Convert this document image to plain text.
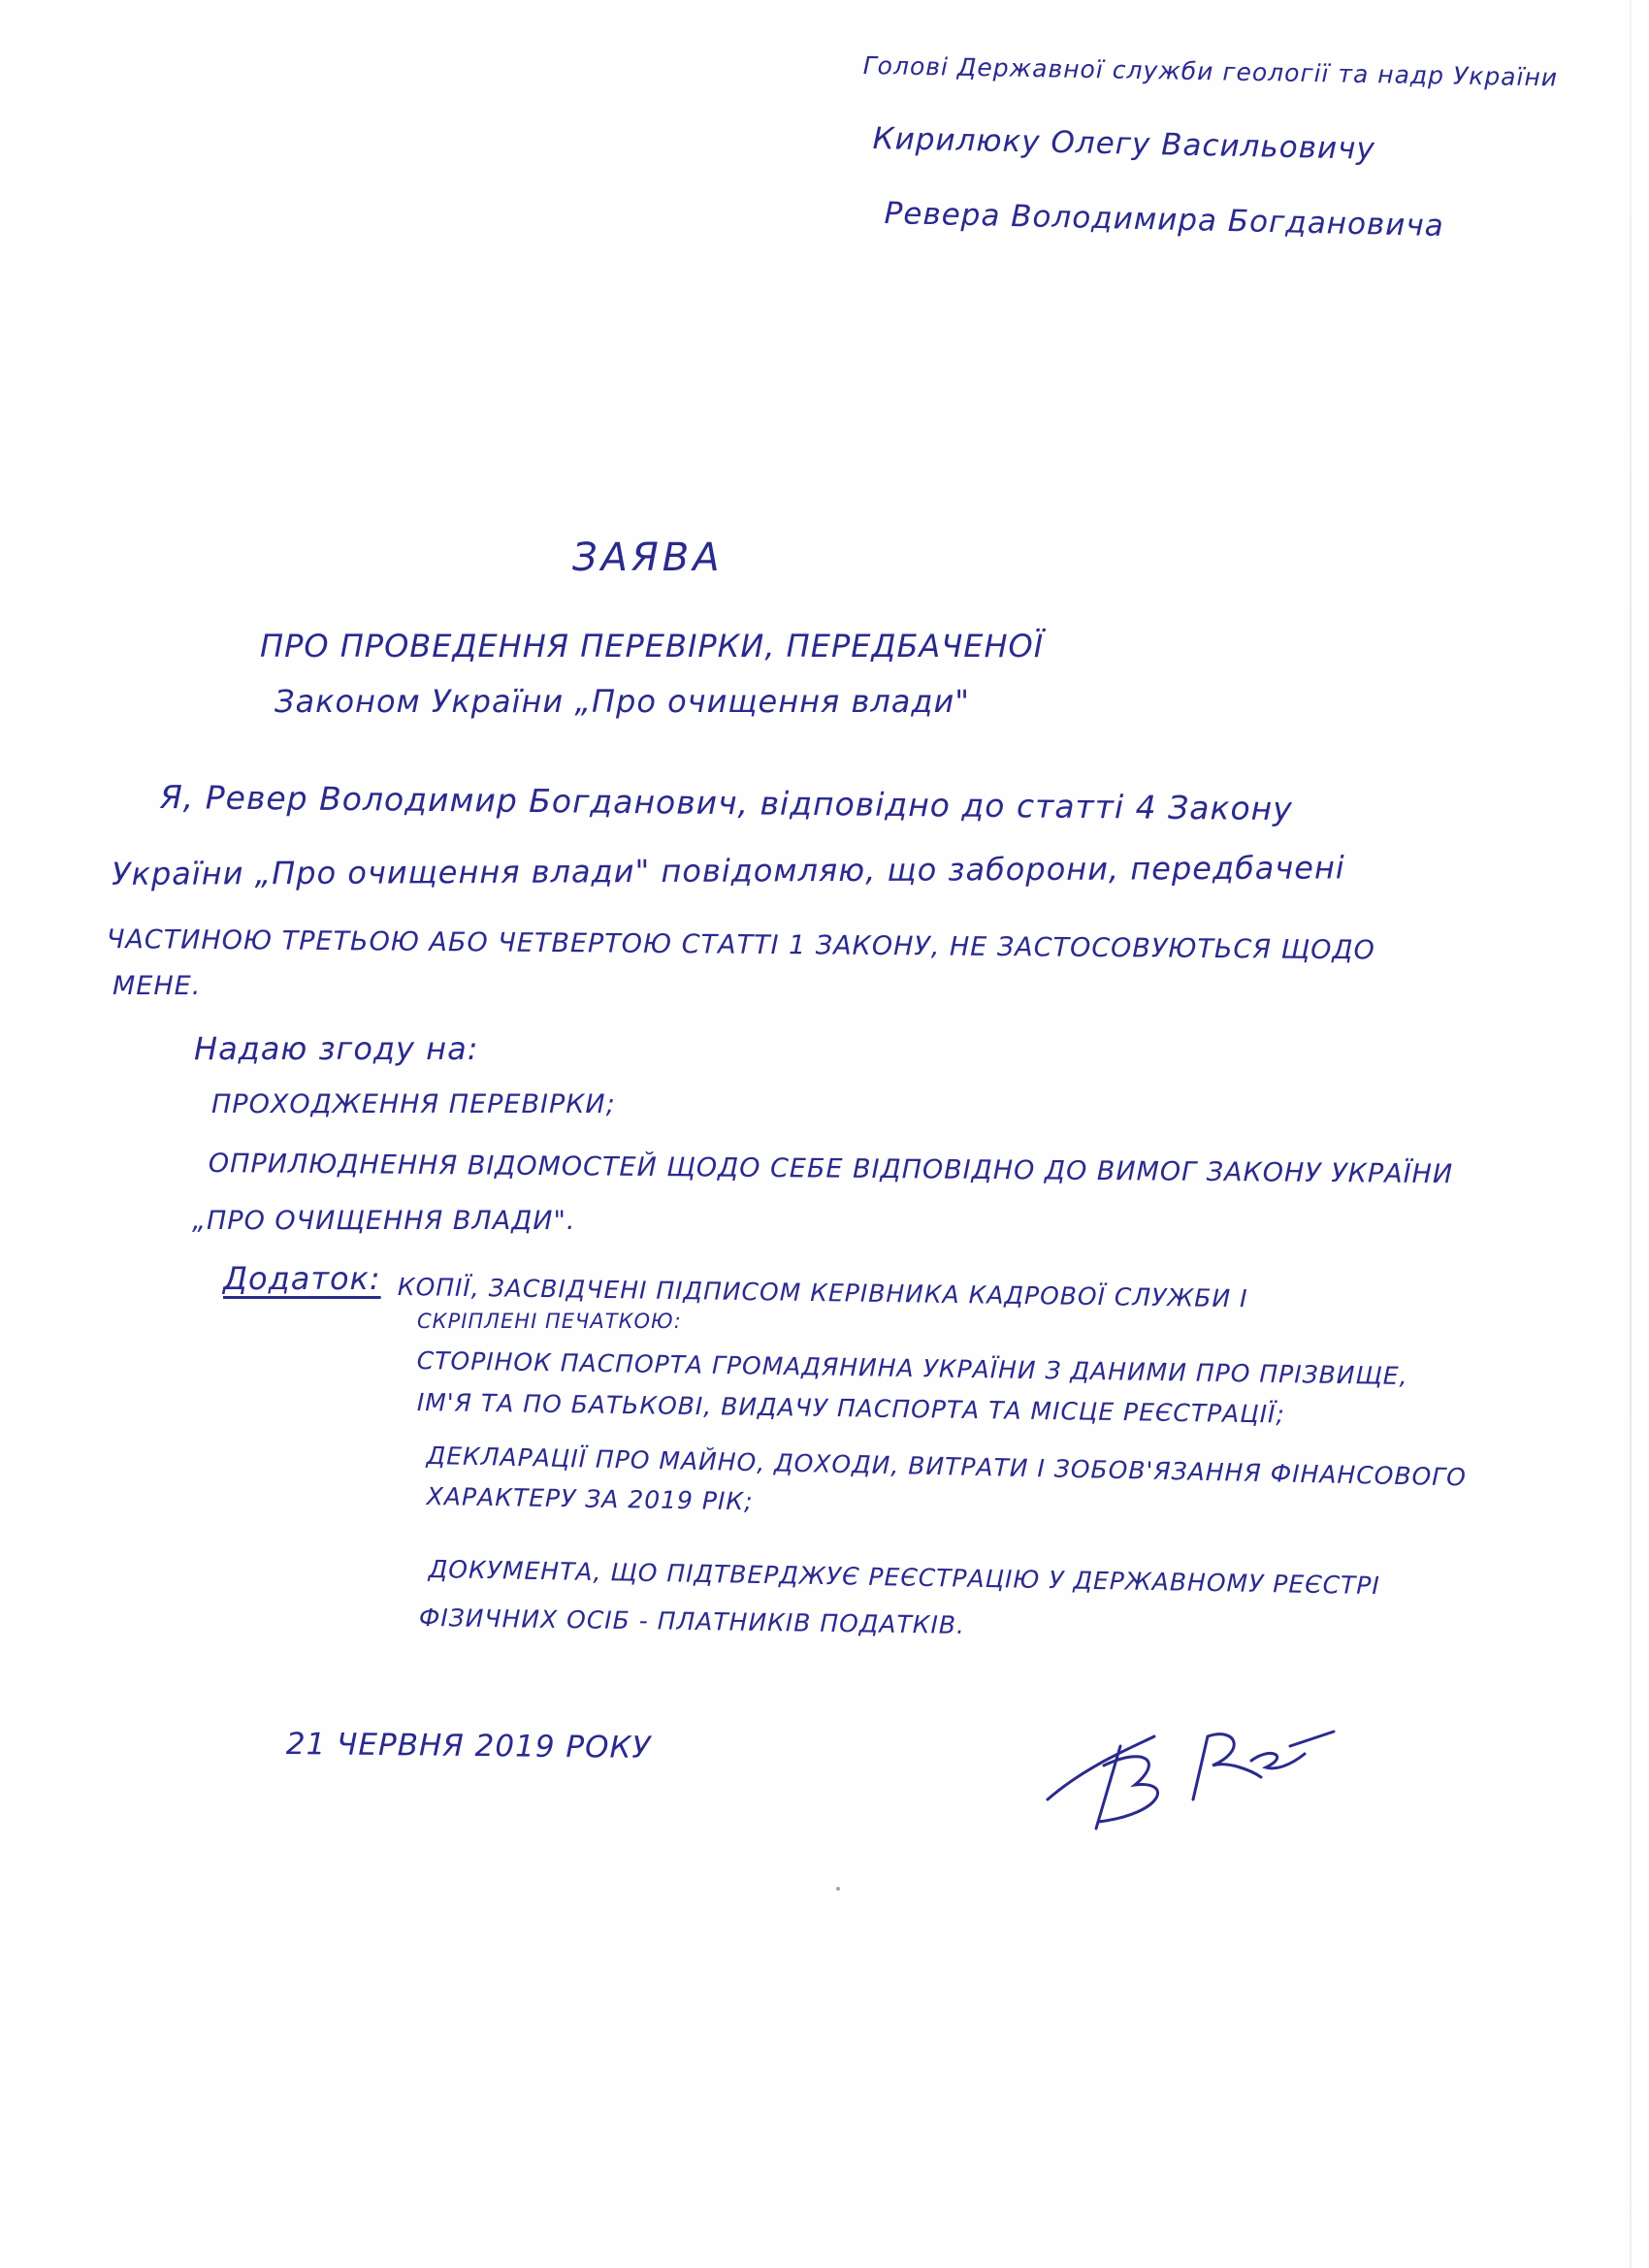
Голові Державної служби геології та надр України

Кирилюку Олегу Васильовичу

Ревера Володимира Богдановича

ЗАЯВА

ПРО ПРОВЕДЕННЯ ПЕРЕВІРКИ, ПЕРЕДБАЧЕНОЇ

Законом України „Про очищення влади"

Я, Ревер Володимир Богданович, відповідно до статті 4 Закону

України „Про очищення влади" повідомляю, що заборони, передбачені

ЧАСТИНОЮ ТРЕТЬОЮ АБО ЧЕТВЕРТОЮ СТАТТІ 1 ЗАКОНУ, НЕ ЗАСТОСОВУЮТЬСЯ ЩОДО

МЕНЕ.

Надаю згоду на:

ПРОХОДЖЕННЯ ПЕРЕВІРКИ;

ОПРИЛЮДНЕННЯ ВІДОМОСТЕЙ ЩОДО СЕБЕ ВІДПОВІДНО ДО ВИМОГ ЗАКОНУ УКРАЇНИ

„ПРО ОЧИЩЕННЯ ВЛАДИ".

Додаток: КОПІЇ, ЗАСВІДЧЕНІ ПІДПИСОМ КЕРІВНИКА КАДРОВОЇ СЛУЖБИ І

СКРІПЛЕНІ ПЕЧАТКОЮ:

СТОРІНОК ПАСПОРТА ГРОМАДЯНИНА УКРАЇНИ З ДАНИМИ ПРО ПРІЗВИЩЕ,

ІМ'Я ТА ПО БАТЬКОВІ, ВИДАЧУ ПАСПОРТА ТА МІСЦЕ РЕЄСТРАЦІЇ;

ДЕКЛАРАЦІЇ ПРО МАЙНО, ДОХОДИ, ВИТРАТИ І ЗОБОВ'ЯЗАННЯ ФІНАНСОВОГО

ХАРАКТЕРУ ЗА 2019 РІК;

ДОКУМЕНТА, ЩО ПІДТВЕРДЖУЄ РЕЄСТРАЦІЮ У ДЕРЖАВНОМУ РЕЄСТРІ

ФІЗИЧНИХ ОСІБ - ПЛАТНИКІВ ПОДАТКІВ.

21 ЧЕРВНЯ 2019 РОКУ
